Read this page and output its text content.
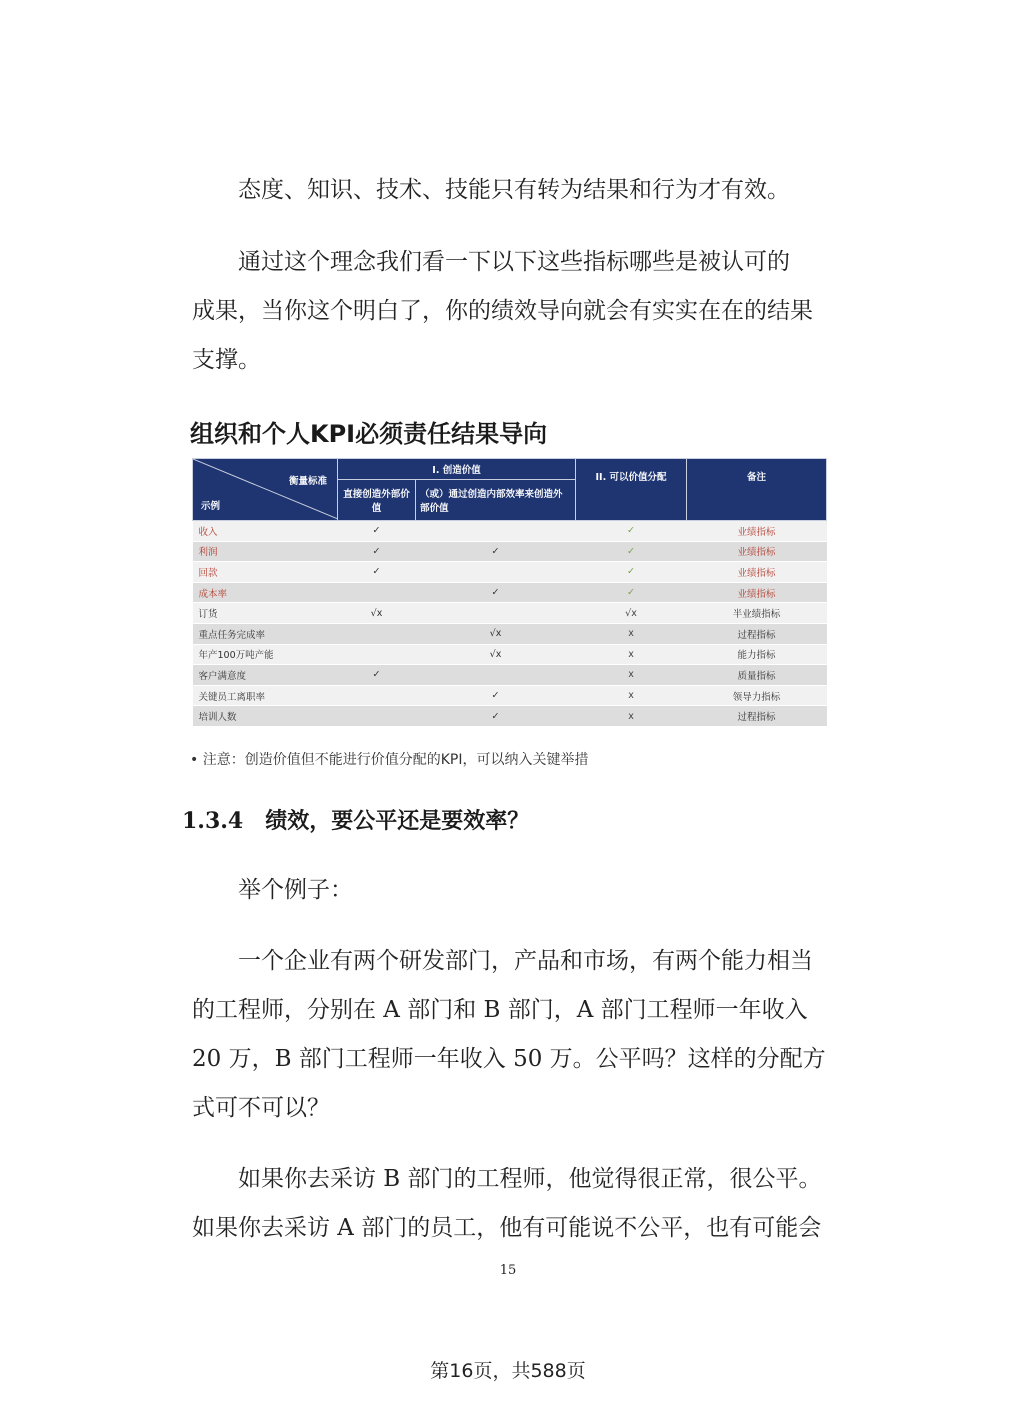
态度、知识、技术、技能只有转为结果和行为才有效。

通过这个理念我们看一下以下这些指标哪些是被认可的
成果，当你这个明白了，你的绩效导向就会有实实在在的结果
支撑。

组织和个人KPI必须责任结果导向
衡量标准
示例	I. 创造价值		II. 可以价值分配	备注
	直接创造外部价值	（或）通过创造内部效率来创造外部价值		
收入	✓		✓	业绩指标
利润	✓	✓	✓	业绩指标
回款	✓		✓	业绩指标
成本率		✓	✓	业绩指标
订货	√x		√x	半业绩指标
重点任务完成率		√x	x	过程指标
年产100万吨产能		√x	x	能力指标
客户满意度	✓		x	质量指标
关键员工离职率		✓	x	领导力指标
培训人数		✓	x	过程指标
• 注意：创造价值但不能进行价值分配的KPI，可以纳入关键举措
1.3.4 绩效，要公平还是要效率？

举个例子：

一个企业有两个研发部门，产品和市场，有两个能力相当
的工程师，分别在 A 部门和 B 部门，A 部门工程师一年收入
20 万，B 部门工程师一年收入 50 万。公平吗？这样的分配方
式可不可以？

如果你去采访 B 部门的工程师，他觉得很正常，很公平。
如果你去采访 A 部门的员工，他有可能说不公平，也有可能会

15
第16页，共588页
